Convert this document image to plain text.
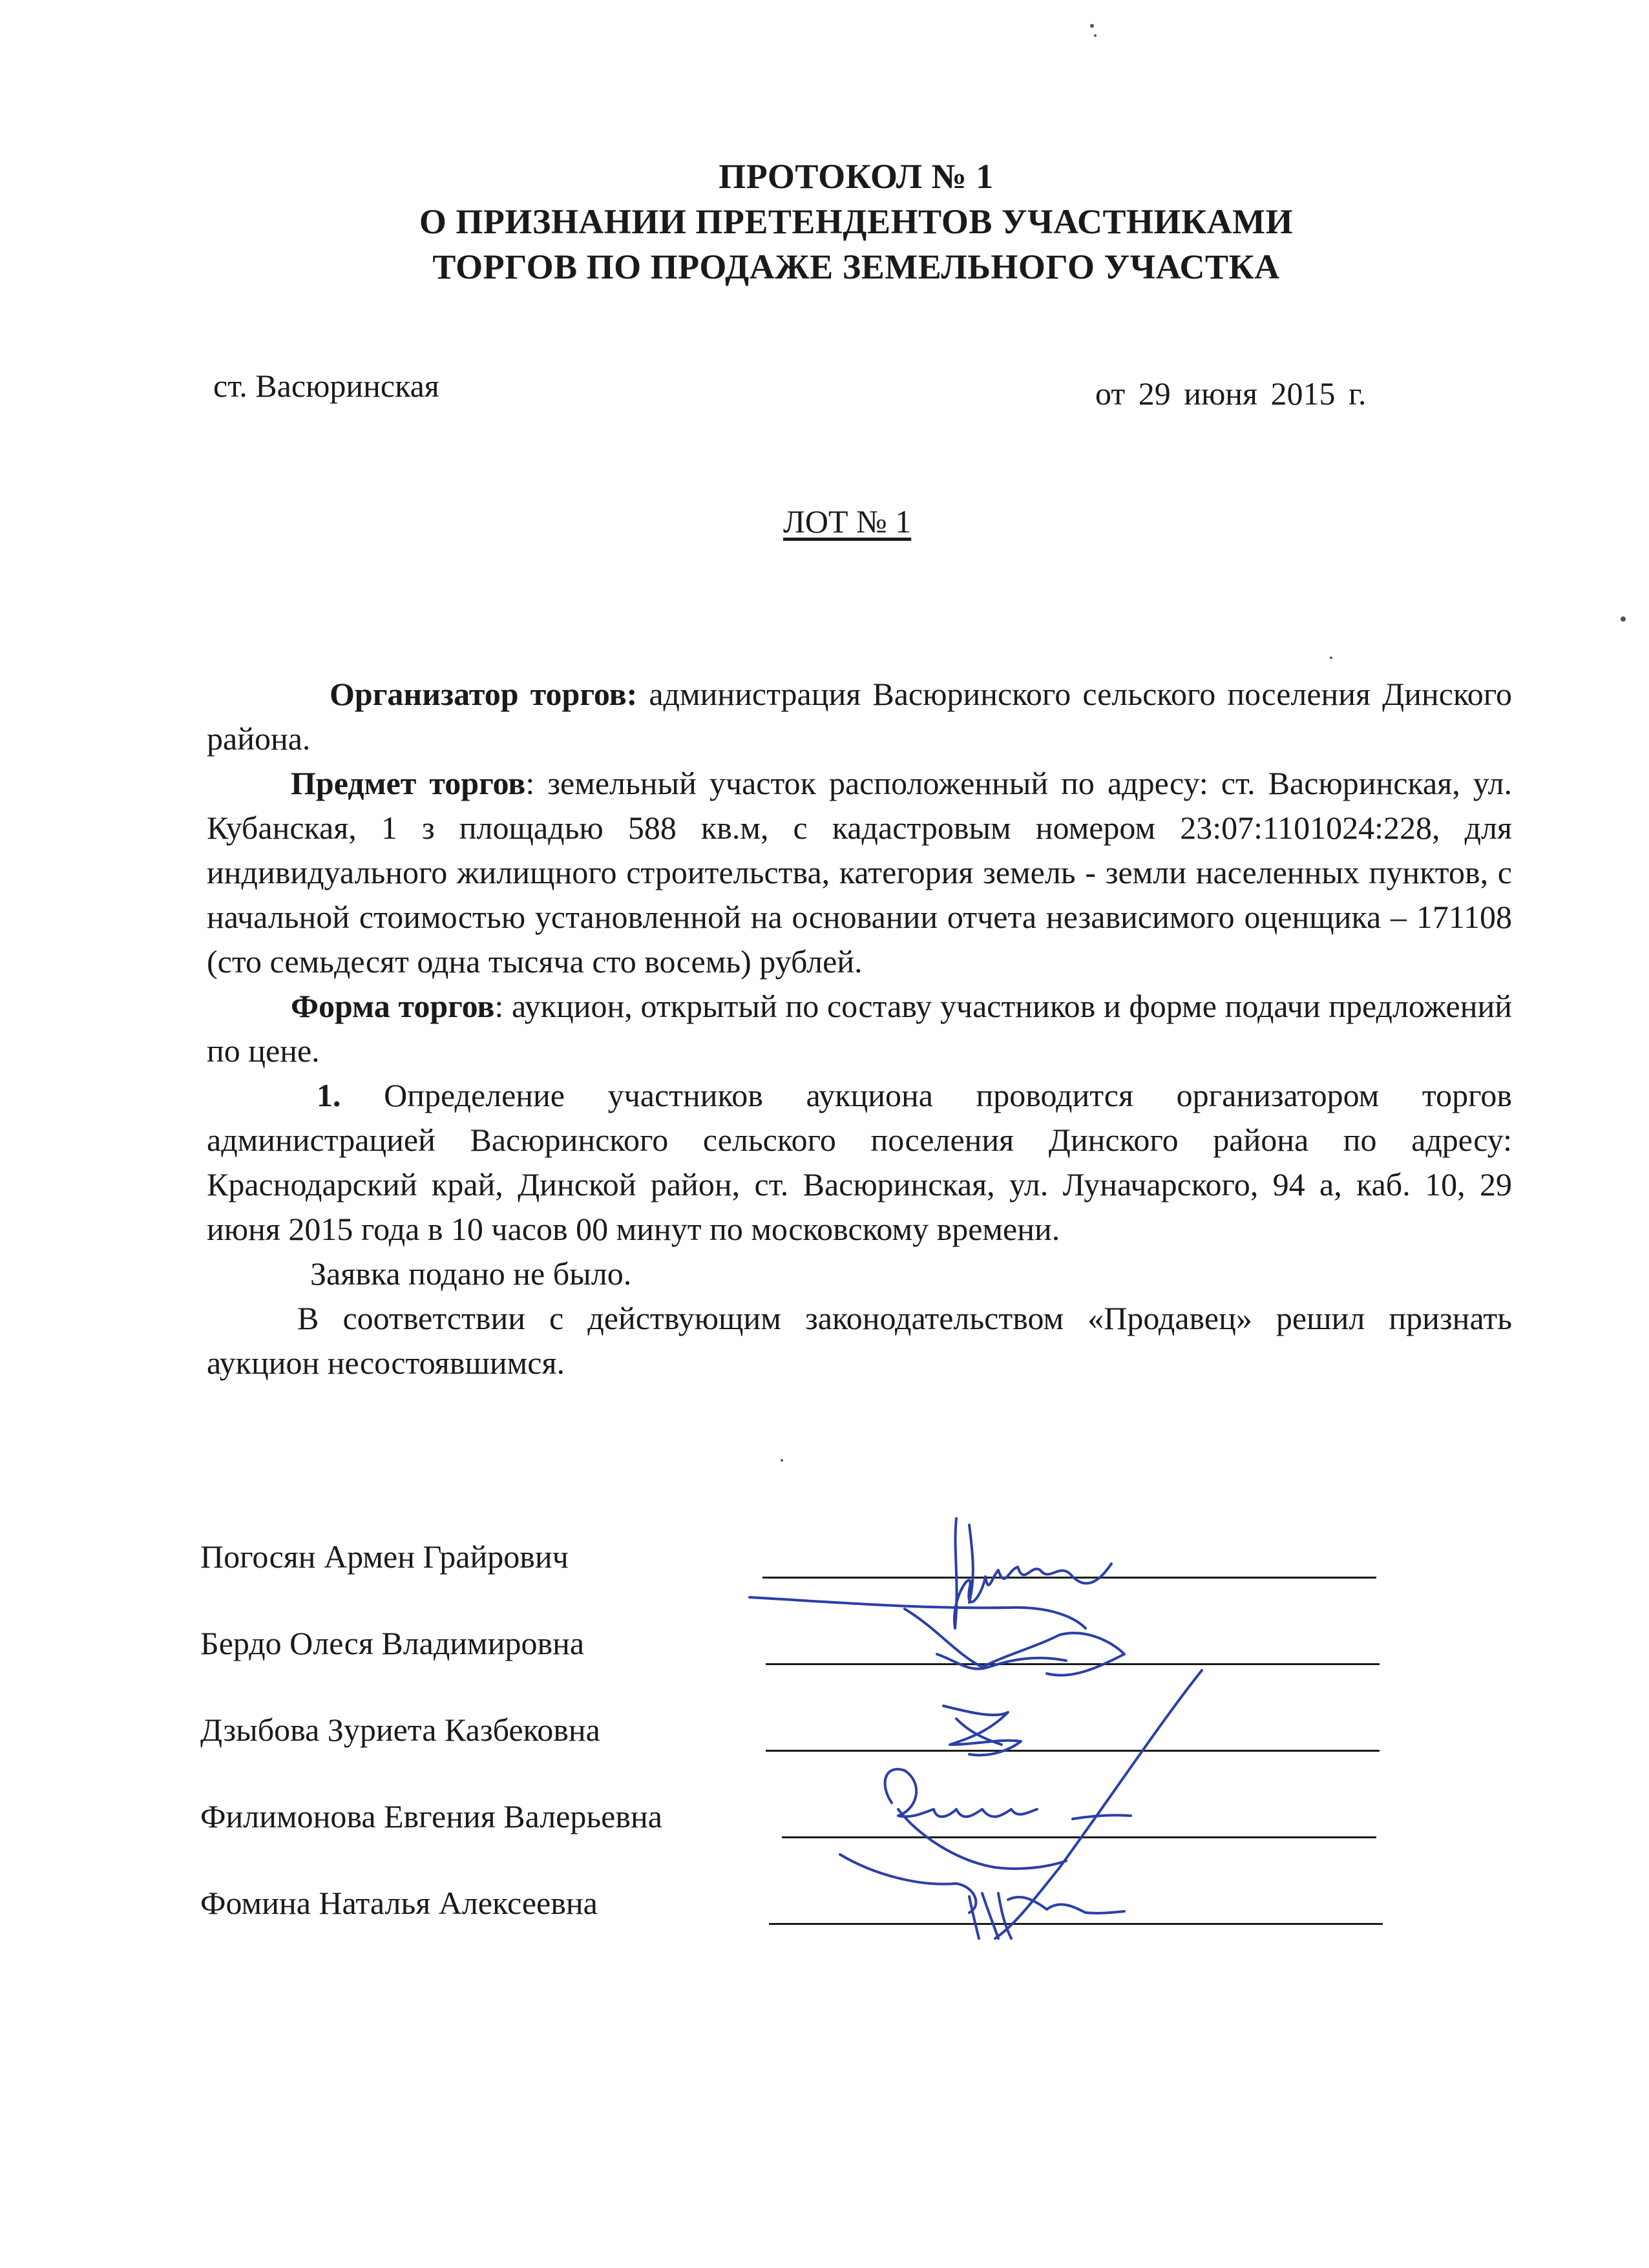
ПРОТОКОЛ № 1
О ПРИЗНАНИИ ПРЕТЕНДЕНТОВ УЧАСТНИКАМИ
ТОРГОВ ПО ПРОДАЖЕ ЗЕМЕЛЬНОГО УЧАСТКА
ст. Васюринская	от 29 июня 2015 г.
ЛОТ № 1

Организатор торгов: администрация Васюринского сельского поселения Динского района.

Предмет торгов: земельный участок расположенный по адресу: ст. Васюринская, ул. Кубанская, 1 з площадью 588 кв.м, с кадастровым номером 23:07:1101024:228, для индивидуального жилищного строительства, категория земель - земли населенных пунктов, с начальной стоимостью установленной на основании отчета независимого оценщика – 171108 (сто семьдесят одна тысяча сто восемь) рублей.

Форма торгов: аукцион, открытый по составу участников и форме подачи предложений по цене.

1. Определение участников аукциона проводится организатором торгов администрацией Васюринского сельского поселения Динского района по адресу: Краснодарский край, Динской район, ст. Васюринская, ул. Луначарского, 94 а, каб. 10, 29 июня 2015 года в 10 часов 00 минут по московскому времени.

Заявка подано не было.

В соответствии с действующим законодательством «Продавец» решил признать аукцион несостоявшимся.

Погосян Армен Грайрович
Бердо Олеся Владимировна
Дзыбова Зуриета Казбековна
Филимонова Евгения Валерьевна
Фомина Наталья Алексеевна
